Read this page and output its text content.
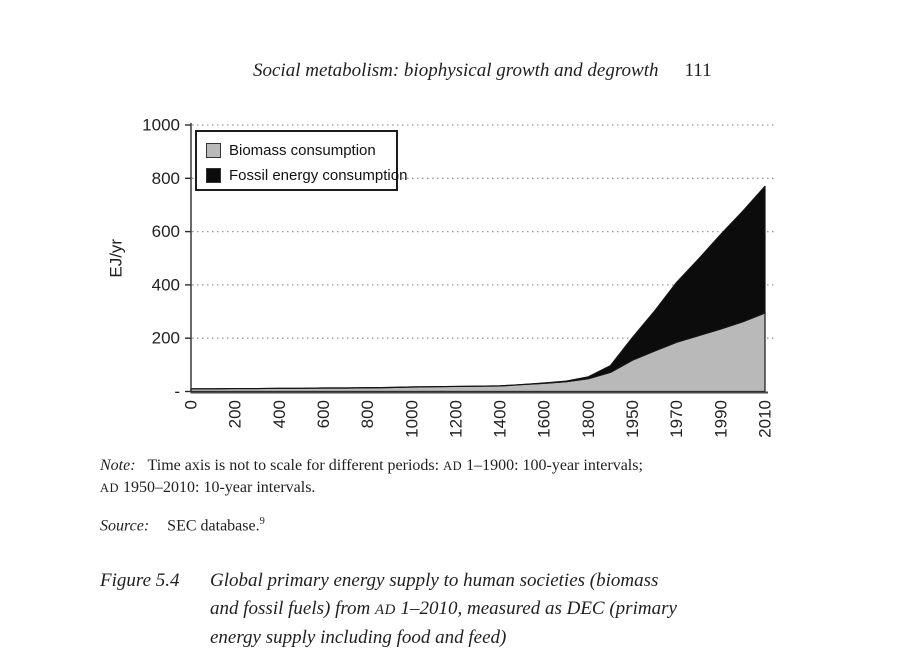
Social metabolism: biophysical growth and degrowth 111
-
200
400
600
800
1000
0 200 400 600 800 1000 1200 1400 1600 1800 1950 1970 1990 2010
EJ/yr
Biomass consumption
Fossil energy consumption
Note: Time axis is not to scale for different periods: AD 1–1900: 100-year intervals;
AD 1950–2010: 10-year intervals.
Source: SEC database.$^9$
Figure 5.4	Global primary energy supply to human societies (biomass
and fossil fuels) from AD 1–2010, measured as DEC (primary
energy supply including food and feed)
